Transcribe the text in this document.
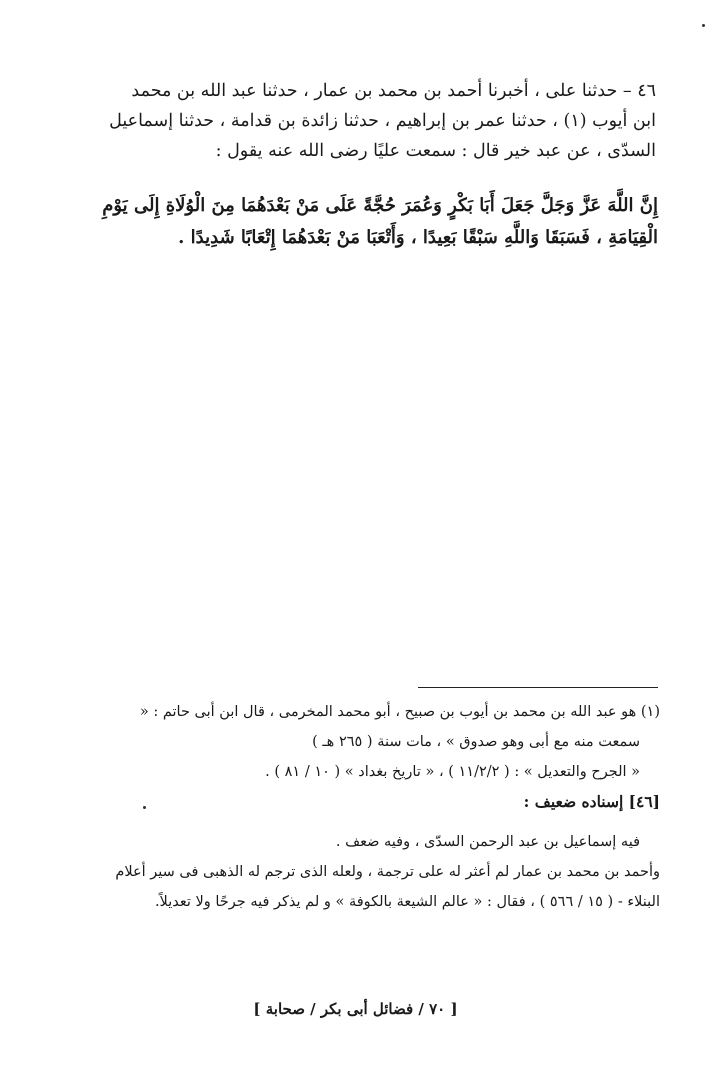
٤٦ – حدثنا على ، أخبرنا أحمد بن محمد بن عمار ، حدثنا عبد الله بن محمد

ابن أيوب (١) ، حدثنا عمر بن إبراهيم ، حدثنا زائدة بن قدامة ، حدثنا إسماعيل

السدّى ، عن عبد خير قال : سمعت عليًا رضى الله عنه يقول :

إِنَّ اللَّهَ عَزَّ وَجَلَّ جَعَلَ أَبَا بَكْرٍ وَعُمَرَ حُجَّةً عَلَى مَنْ بَعْدَهُمَا مِنَ الْوُلَاةِ إِلَى يَوْمِ

الْقِيَامَةِ ، فَسَبَقَا وَاللَّهِ سَبْقًا بَعِيدًا ، وَأَتْعَبَا مَنْ بَعْدَهُمَا إِتْعَابًا شَدِيدًا .

(١) هو عبد الله بن محمد بن أيوب بن صبيح ، أبو محمد المخرمى ، قال ابن أبى حاتم : «

سمعت منه مع أبى وهو صدوق » ، مات سنة ( ٢٦٥ هـ )

« الجرح والتعديل » : ( ١١/٢/٢ ) ، « تاريخ بغداد » ( ١٠ / ٨١ ) .

[٤٦] إسناده ضعيف :

فيه إسماعيل بن عبد الرحمن السدّى ، وفيه ضعف .

وأحمد بن محمد بن عمار لم أعثر له على ترجمة ، ولعله الذى ترجم له الذهبى فى سير أعلام

البنلاء - ( ١٥ / ٥٦٦ ) ، فقال : « عالم الشيعة بالكوفة » و لم يذكر فيه جرحًا ولا تعديلاً.

[ ٧٠ / فضائل أبى بكر / صحابة ]
